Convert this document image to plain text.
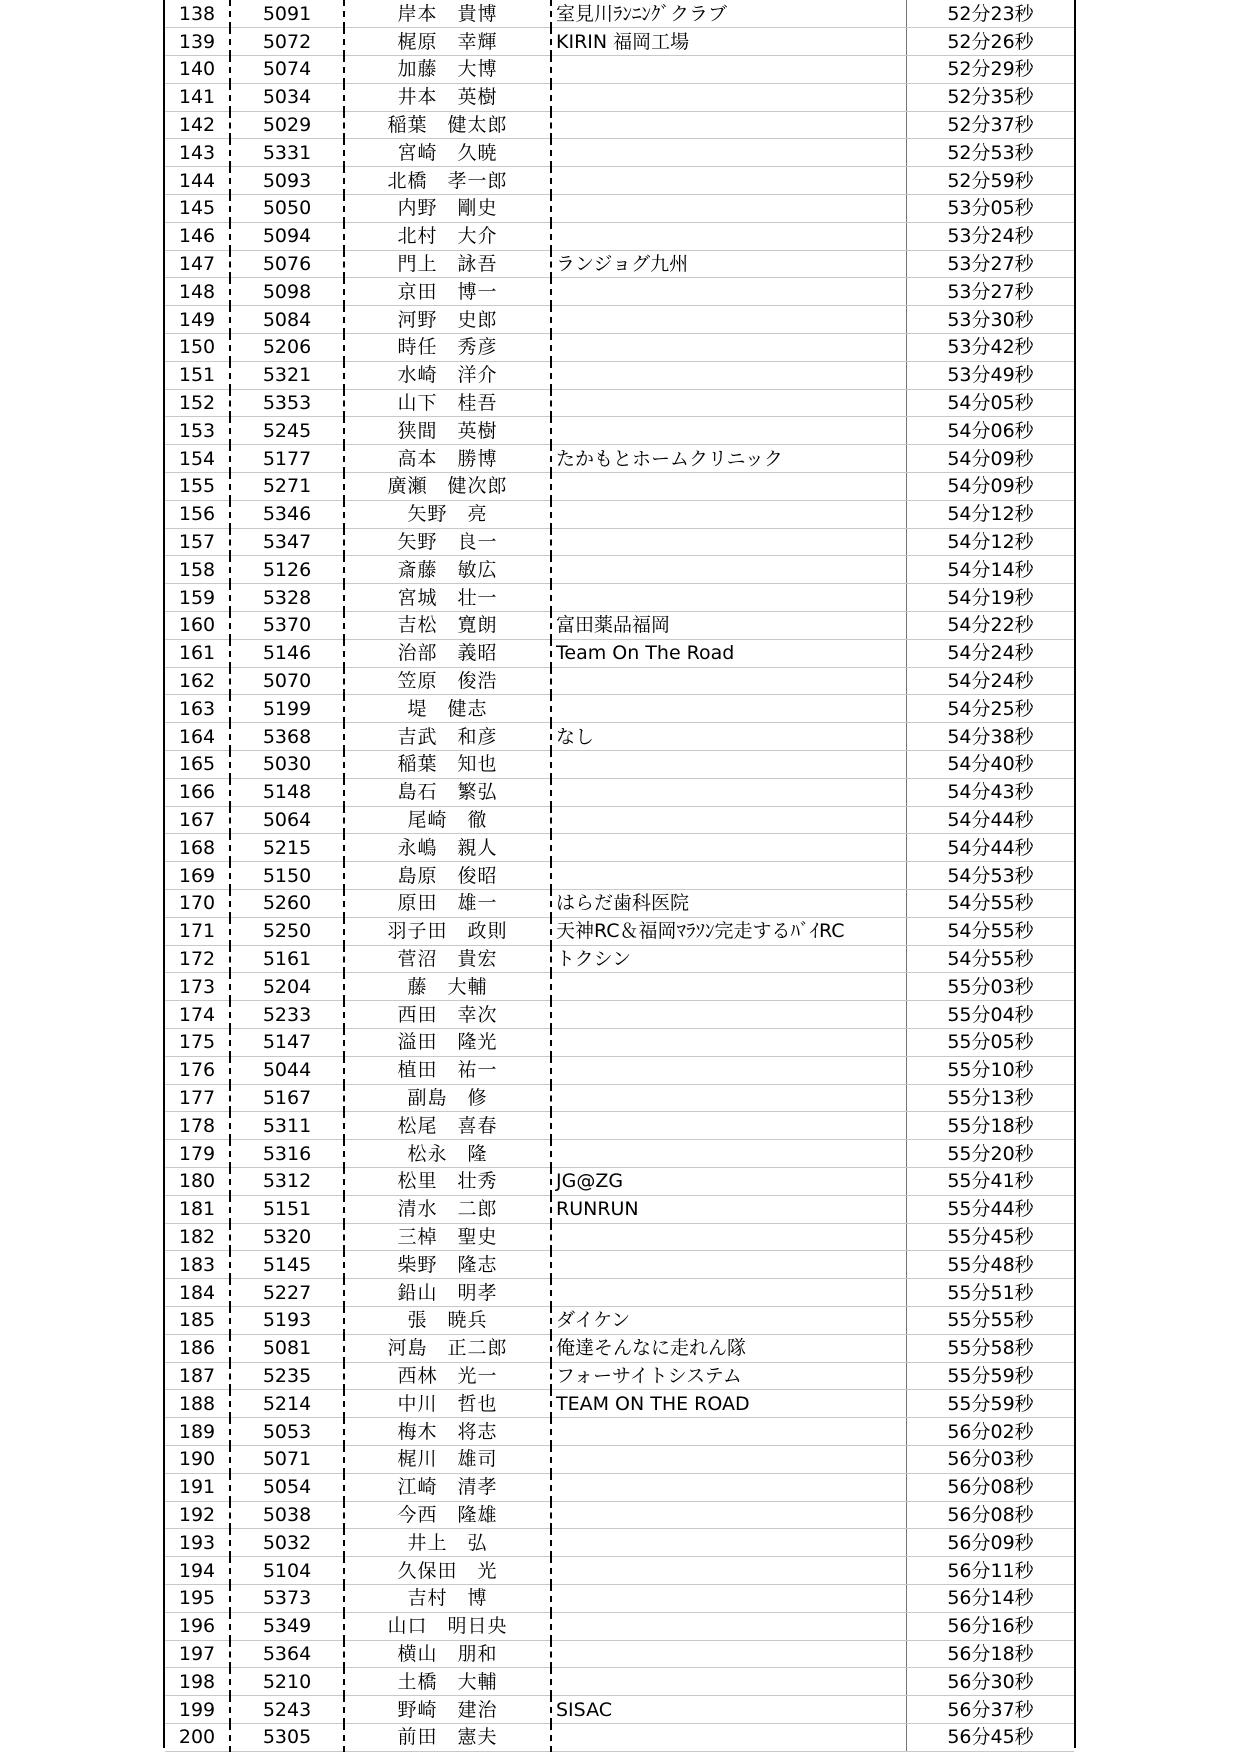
138	5091	岸本　貴博	室見川ﾗﾝﾆﾝｸﾞクラブ	52分23秒
139	5072	梶原　幸輝	KIRIN 福岡工場	52分26秒
140	5074	加藤　大博		52分29秒
141	5034	井本　英樹		52分35秒
142	5029	稲葉　健太郎		52分37秒
143	5331	宮崎　久暁		52分53秒
144	5093	北橋　孝一郎		52分59秒
145	5050	内野　剛史		53分05秒
146	5094	北村　大介		53分24秒
147	5076	門上　詠吾	ランジョグ九州	53分27秒
148	5098	京田　博一		53分27秒
149	5084	河野　史郎		53分30秒
150	5206	時任　秀彦		53分42秒
151	5321	水崎　洋介		53分49秒
152	5353	山下　桂吾		54分05秒
153	5245	狭間　英樹		54分06秒
154	5177	高本　勝博	たかもとホームクリニック	54分09秒
155	5271	廣瀬　健次郎		54分09秒
156	5346	矢野　亮		54分12秒
157	5347	矢野　良一		54分12秒
158	5126	斎藤　敏広		54分14秒
159	5328	宮城　壮一		54分19秒
160	5370	吉松　寛朗	富田薬品福岡	54分22秒
161	5146	治部　義昭	Team On The Road	54分24秒
162	5070	笠原　俊浩		54分24秒
163	5199	堤　健志		54分25秒
164	5368	吉武　和彦	なし	54分38秒
165	5030	稲葉　知也		54分40秒
166	5148	島石　繁弘		54分43秒
167	5064	尾崎　徹		54分44秒
168	5215	永嶋　親人		54分44秒
169	5150	島原　俊昭		54分53秒
170	5260	原田　雄一	はらだ歯科医院	54分55秒
171	5250	羽子田　政則	天神RC＆福岡ﾏﾗｿﾝ完走するﾊﾞｲRC	54分55秒
172	5161	菅沼　貴宏	トクシン	54分55秒
173	5204	藤　大輔		55分03秒
174	5233	西田　幸次		55分04秒
175	5147	溢田　隆光		55分05秒
176	5044	植田　祐一		55分10秒
177	5167	副島　修		55分13秒
178	5311	松尾　喜春		55分18秒
179	5316	松永　隆		55分20秒
180	5312	松里　壮秀	JG@ZG	55分41秒
181	5151	清水　二郎	RUNRUN	55分44秒
182	5320	三棹　聖史		55分45秒
183	5145	柴野　隆志		55分48秒
184	5227	鉛山　明孝		55分51秒
185	5193	張　暁兵	ダイケン	55分55秒
186	5081	河島　正二郎	俺達そんなに走れん隊	55分58秒
187	5235	西林　光一	フォーサイトシステム	55分59秒
188	5214	中川　哲也	TEAM ON THE ROAD	55分59秒
189	5053	梅木　将志		56分02秒
190	5071	梶川　雄司		56分03秒
191	5054	江崎　清孝		56分08秒
192	5038	今西　隆雄		56分08秒
193	5032	井上　弘		56分09秒
194	5104	久保田　光		56分11秒
195	5373	吉村　博		56分14秒
196	5349	山口　明日央		56分16秒
197	5364	横山　朋和		56分18秒
198	5210	土橋　大輔		56分30秒
199	5243	野崎　建治	SISAC	56分37秒
200	5305	前田　憲夫		56分45秒
